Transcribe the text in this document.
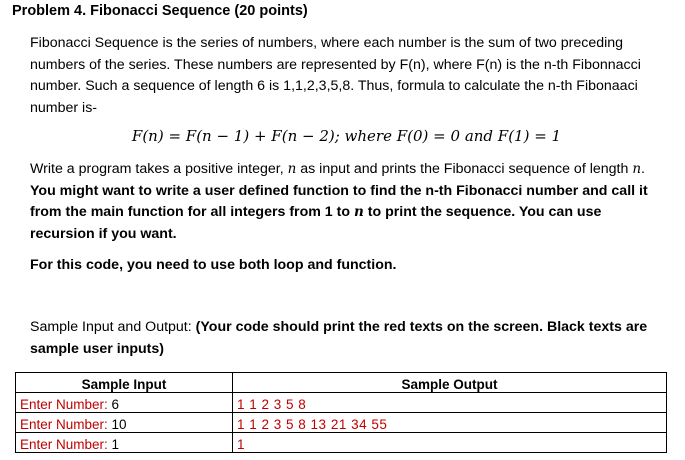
Problem 4. Fibonacci Sequence (20 points)
Fibonacci Sequence is the series of numbers, where each number is the sum of two preceding numbers of the series. These numbers are represented by F(n), where F(n) is the n-th Fibonnacci number. Such a sequence of length 6 is 1,1,2,3,5,8. Thus, formula to calculate the n-th Fibonaaci number is-
F(n) = F(n − 1) + F(n − 2); where F(0) = 0 and F(1) = 1
Write a program takes a positive integer, n as input and prints the Fibonacci sequence of length n. You might want to write a user defined function to find the n-th Fibonacci number and call it from the main function for all integers from 1 to n to print the sequence. You can use recursion if you want.
For this code, you need to use both loop and function.
Sample Input and Output: (Your code should print the red texts on the screen. Black texts are sample user inputs)
Sample Input	Sample Output
Enter Number: 6	1 1 2 3 5 8
Enter Number: 10	1 1 2 3 5 8 13 21 34 55
Enter Number: 1	1
